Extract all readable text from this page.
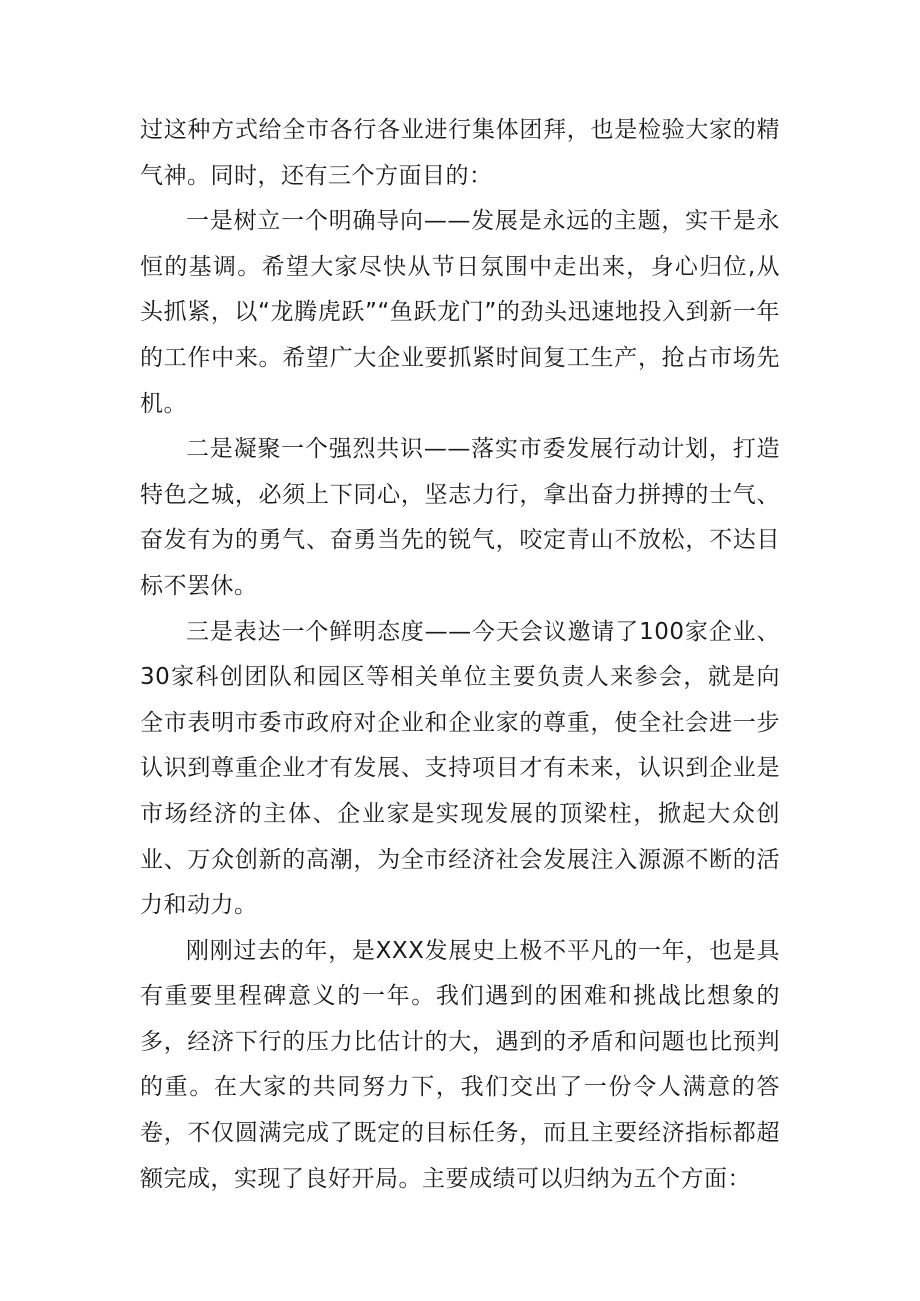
过这种方式给全市各行各业进行集体团拜，也是检验大家的精气神。同时，还有三个方面目的：

一是树立一个明确导向——发展是永远的主题，实干是永恒的基调。希望大家尽快从节日氛围中走出来，身心归位,从头抓紧，以“龙腾虎跃”“鱼跃龙门”的劲头迅速地投入到新一年的工作中来。希望广大企业要抓紧时间复工生产，抢占市场先机。

二是凝聚一个强烈共识——落实市委发展行动计划，打造特色之城，必须上下同心，坚志力行，拿出奋力拼搏的士气、奋发有为的勇气、奋勇当先的锐气，咬定青山不放松，不达目标不罢休。

三是表达一个鲜明态度——今天会议邀请了100家企业、30家科创团队和园区等相关单位主要负责人来参会，就是向全市表明市委市政府对企业和企业家的尊重，使全社会进一步认识到尊重企业才有发展、支持项目才有未来，认识到企业是市场经济的主体、企业家是实现发展的顶梁柱，掀起大众创业、万众创新的高潮，为全市经济社会发展注入源源不断的活力和动力。

刚刚过去的年，是XXX发展史上极不平凡的一年，也是具有重要里程碑意义的一年。我们遇到的困难和挑战比想象的多，经济下行的压力比估计的大，遇到的矛盾和问题也比预判的重。在大家的共同努力下，我们交出了一份令人满意的答卷，不仅圆满完成了既定的目标任务，而且主要经济指标都超额完成，实现了良好开局。主要成绩可以归纳为五个方面：
